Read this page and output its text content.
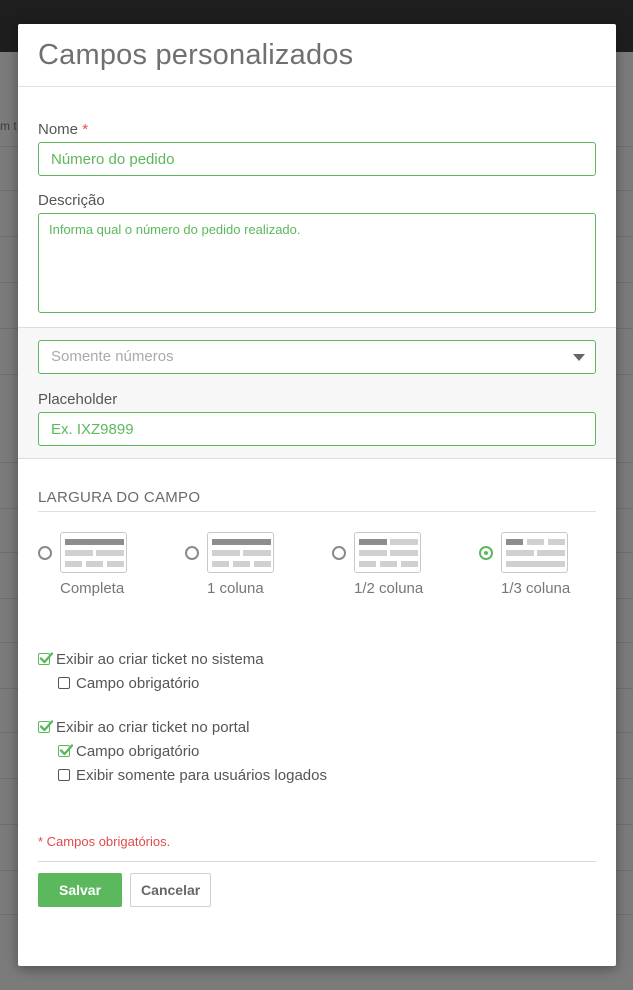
m t
Campos personalizados
Nome *
Número do pedido
Descrição
Informa qual o número do pedido realizado.
Somente números
Placeholder
Ex. IXZ9899
LARGURA DO CAMPO
Completa	1 coluna	1/2 coluna	1/3 coluna
Exibir ao criar ticket no sistema
Campo obrigatório
Exibir ao criar ticket no portal
Campo obrigatório
Exibir somente para usuários logados
* Campos obrigatórios.
Salvar	Cancelar
